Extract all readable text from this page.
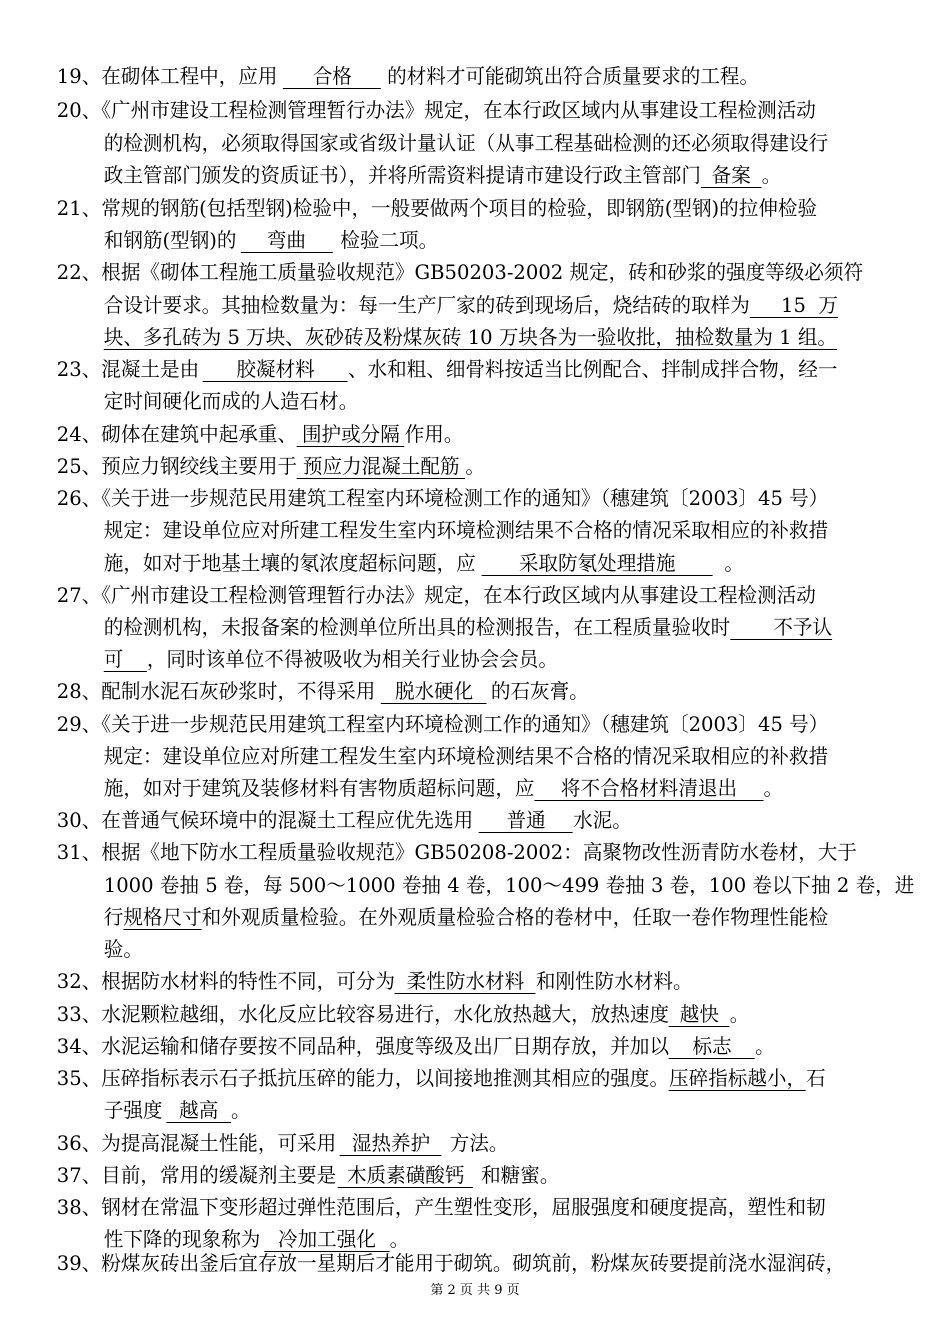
19、在砌体工程中，应用 合格 的材料才可能砌筑出符合质量要求的工程。
20、《广州市建设工程检测管理暂行办法》规定，在本行政区域内从事建设工程检测活动
的检测机构，必须取得国家或省级计量认证（从事工程基础检测的还必须取得建设行
政主管部门颁发的资质证书），并将所需资料提请市建设行政主管部门 备案 。
21、常规的钢筋(包括型钢)检验中，一般要做两个项目的检验，即钢筋(型钢)的拉伸检验
和钢筋(型钢)的 弯曲 检验二项。
22、根据《砌体工程施工质量验收规范》GB50203-2002 规定，砖和砂浆的强度等级必须符
合设计要求。其抽检数量为：每一生产厂家的砖到现场后，烧结砖的取样为 15  万
块、多孔砖为 5 万块、灰砂砖及粉煤灰砖 10 万块各为一验收批，抽检数量为 1 组。
23、混凝土是由 胶凝材料 、水和粗、细骨料按适当比例配合、拌制成拌合物，经一
定时间硬化而成的人造石材。
24、砌体在建筑中起承重、 围护或分隔 作用。
25、预应力钢绞线主要用于 预应力混凝土配筋 。
26、《关于进一步规范民用建筑工程室内环境检测工作的通知》（穗建筑〔2003〕45 号）
规定：建设单位应对所建工程发生室内环境检测结果不合格的情况采取相应的补救措
施，如对于地基土壤的氡浓度超标问题，应 采取防氡处理措施 。
27、《广州市建设工程检测管理暂行办法》规定，在本行政区域内从事建设工程检测活动
的检测机构，未报备案的检测单位所出具的检测报告，在工程质量验收时 不予认
可 ，同时该单位不得被吸收为相关行业协会会员。
28、配制水泥石灰砂浆时，不得采用 脱水硬化 的石灰膏。
29、《关于进一步规范民用建筑工程室内环境检测工作的通知》（穗建筑〔2003〕45 号）
规定：建设单位应对所建工程发生室内环境检测结果不合格的情况采取相应的补救措
施，如对于建筑及装修材料有害物质超标问题，应 将不合格材料清退出 。
30、在普通气候环境中的混凝土工程应优先选用 普通 水泥。
31、根据《地下防水工程质量验收规范》GB50208-2002：高聚物改性沥青防水卷材，大于
1000 卷抽 5 卷，每 500～1000 卷抽 4 卷，100～499 卷抽 3 卷，100 卷以下抽 2 卷，进
行规格尺寸和外观质量检验。在外观质量检验合格的卷材中，任取一卷作物理性能检
验。
32、根据防水材料的特性不同，可分为 柔性防水材料 和刚性防水材料。
33、水泥颗粒越细，水化反应比较容易进行，水化放热越大，放热速度 越快 。
34、水泥运输和储存要按不同品种，强度等级及出厂日期存放，并加以 标志 。
35、压碎指标表示石子抵抗压碎的能力，以间接地推测其相应的强度。压碎指标越小，石
子强度 越高 。
36、为提高混凝土性能，可采用 湿热养护 方法。
37、目前，常用的缓凝剂主要是 木质素磺酸钙 和糖蜜。
38、钢材在常温下变形超过弹性范围后，产生塑性变形，屈服强度和硬度提高，塑性和韧
性下降的现象称为 冷加工强化 。
39、粉煤灰砖出釜后宜存放一星期后才能用于砌筑。砌筑前，粉煤灰砖要提前浇水湿润砖，
第 2 页 共 9 页
